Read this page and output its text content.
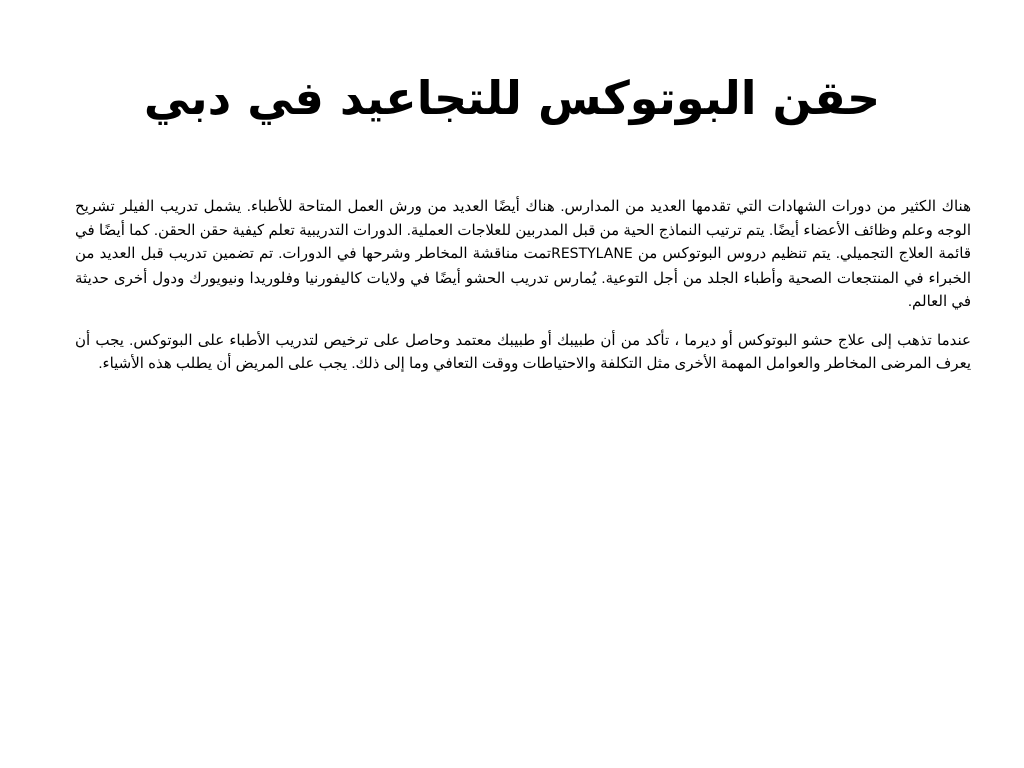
حقن البوتوكس للتجاعيد في دبي

هناك الكثير من دورات الشهادات التي تقدمها العديد من المدارس. هناك أيضًا العديد من ورش العمل المتاحة للأطباء. يشمل تدريب الفيلر تشريح الوجه وعلم وظائف الأعضاء أيضًا. يتم ترتيب النماذج الحية من قبل المدربين للعلاجات العملية. الدورات التدريبية تعلم كيفية حقن الحقن. كما أيضًا في قائمة العلاج التجميلي. يتم تنظيم دروس البوتوكس من RESTYLANEتمت مناقشة المخاطر وشرحها في الدورات. تم تضمين تدريب قبل العديد من الخبراء في المنتجعات الصحية وأطباء الجلد من أجل التوعية. يُمارس تدريب الحشو أيضًا في ولايات كاليفورنيا وفلوريدا ونيويورك ودول أخرى حديثة في العالم.

عندما تذهب إلى علاج حشو البوتوكس أو ديرما ، تأكد من أن طبيبك أو طبيبك معتمد وحاصل على ترخيص لتدريب الأطباء على البوتوكس. يجب أن يعرف المرضى المخاطر والعوامل المهمة الأخرى مثل التكلفة والاحتياطات ووقت التعافي وما إلى ذلك. يجب على المريض أن يطلب هذه الأشياء.
